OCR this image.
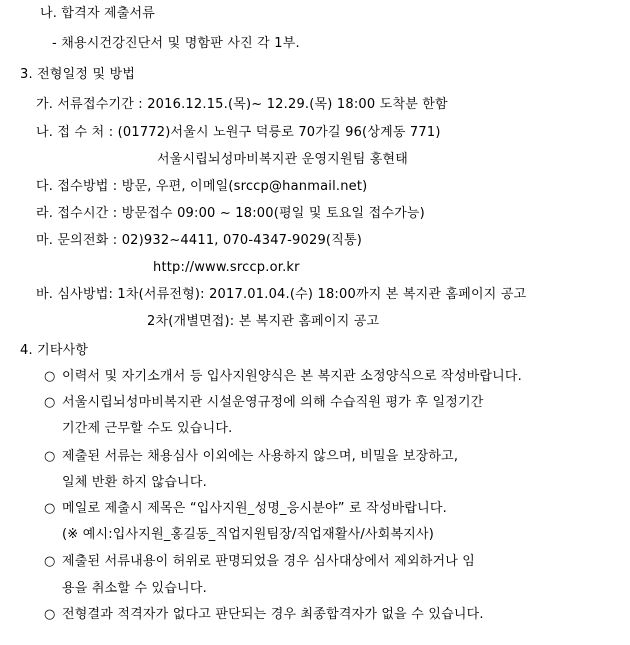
나. 합격자 제출서류
- 채용시건강진단서 및 명함판 사진 각 1부.
3. 전형일정 및 방법
가. 서류접수기간 : 2016.12.15.(목)~ 12.29.(목) 18:00 도착분 한함
나. 접 수 처 : (01772)서울시 노원구 덕릉로 70가길 96(상계동 771)
서울시립뇌성마비복지관 운영지원팀 홍현태
다. 접수방법 : 방문, 우편, 이메일(srccp@hanmail.net)
라. 접수시간 : 방문접수 09:00 ~ 18:00(평일 및 토요일 접수가능)
마. 문의전화 : 02)932~4411, 070-4347-9029(직통)
http://www.srccp.or.kr
바. 심사방법: 1차(서류전형): 2017.01.04.(수) 18:00까지 본 복지관 홈페이지 공고
2차(개별면접): 본 복지관 홈페이지 공고
4. 기타사항
○ 이력서 및 자기소개서 등 입사지원양식은 본 복지관 소정양식으로 작성바랍니다.
○ 서울시립뇌성마비복지관 시설운영규정에 의해 수습직원 평가 후 일정기간
기간제 근무할 수도 있습니다.
○ 제출된 서류는 채용심사 이외에는 사용하지 않으며, 비밀을 보장하고,
일체 반환 하지 않습니다.
○ 메일로 제출시 제목은 “입사지원_성명_응시분야” 로 작성바랍니다.
(※ 예시:입사지원_홍길동_직업지원팀장/직업재활사/사회복지사)
○ 제출된 서류내용이 허위로 판명되었을 경우 심사대상에서 제외하거나 임
용을 취소할 수 있습니다.
○ 전형결과 적격자가 없다고 판단되는 경우 최종합격자가 없을 수 있습니다.
